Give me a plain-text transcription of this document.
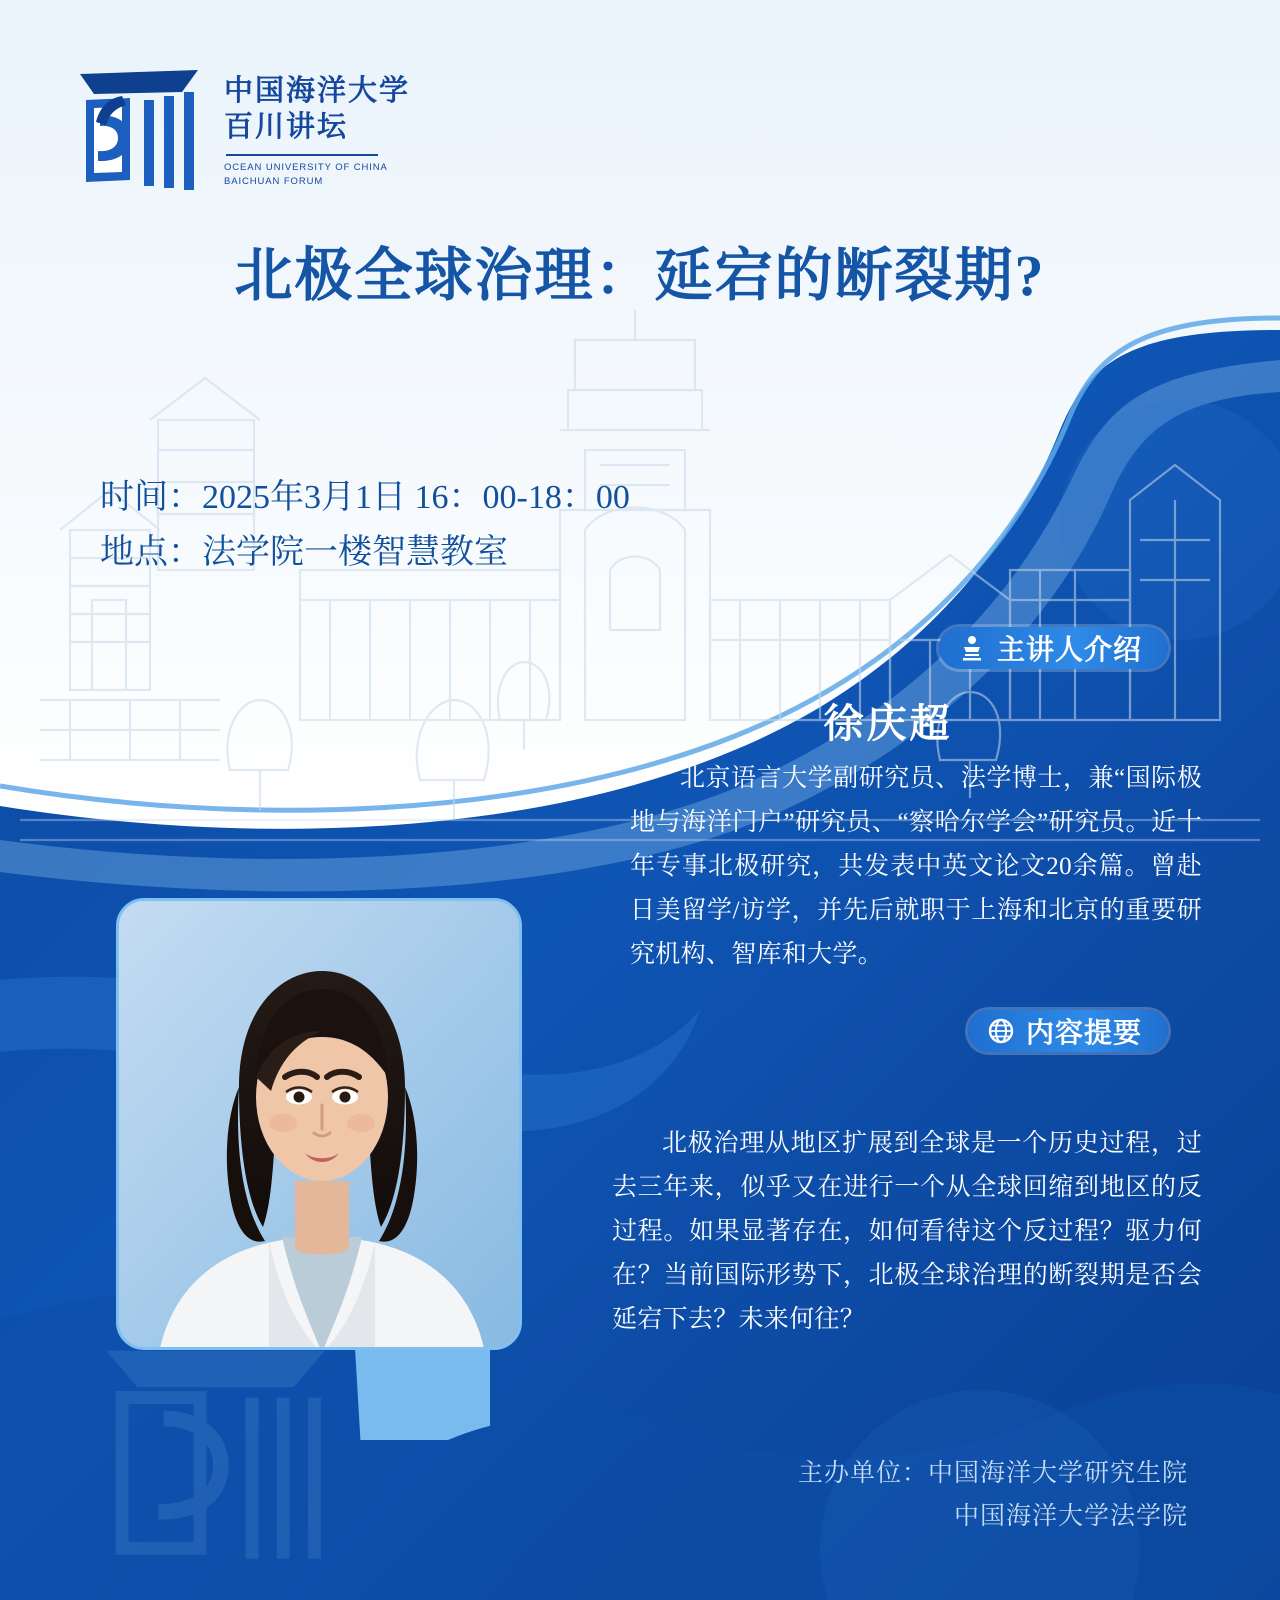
中国海洋大学
百川讲坛
OCEAN UNIVERSITY OF CHINA
BAICHUAN FORUM
北极全球治理：延宕的断裂期?
时间：2025年3月1日 16：00-18：00
地点：法学院一楼智慧教室
主讲人介绍
徐庆超
北京语言大学副研究员、法学博士，兼“国际极地与海洋门户”研究员、“察哈尔学会”研究员。近十年专事北极研究，共发表中英文论文20余篇。曾赴日美留学/访学，并先后就职于上海和北京的重要研究机构、智库和大学。
内容提要
北极治理从地区扩展到全球是一个历史过程，过去三年来，似乎又在进行一个从全球回缩到地区的反过程。如果显著存在，如何看待这个反过程？驱力何在？当前国际形势下，北极全球治理的断裂期是否会延宕下去？未来何往？
主办单位：中国海洋大学研究生院
中国海洋大学法学院
